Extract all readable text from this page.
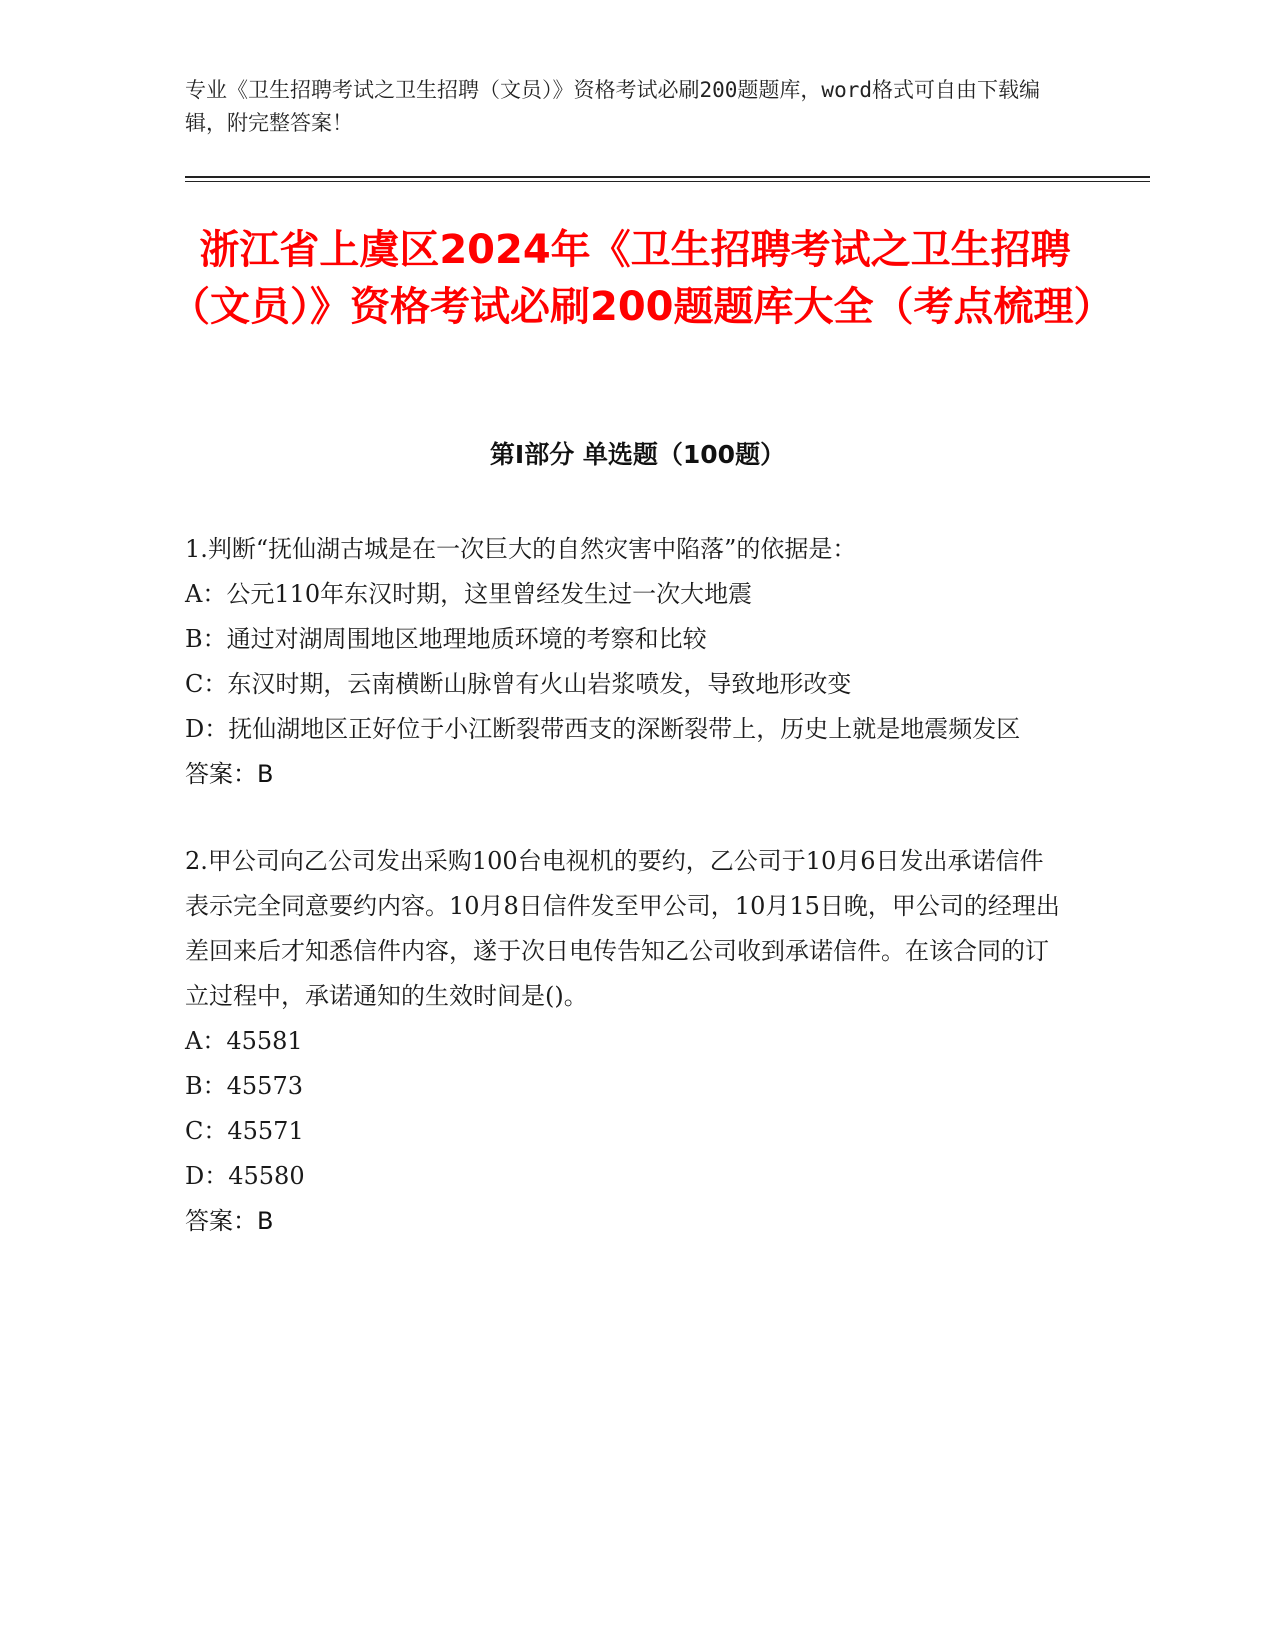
专业《卫生招聘考试之卫生招聘（文员）》资格考试必刷200题题库，word格式可自由下载编辑，附完整答案！
浙江省上虞区2024年《卫生招聘考试之卫生招聘（文员）》资格考试必刷200题题库大全（考点梳理）
第Ⅰ部分 单选题（100题）
1.判断“抚仙湖古城是在一次巨大的自然灾害中陷落”的依据是：
A：公元110年东汉时期，这里曾经发生过一次大地震
B：通过对湖周围地区地理地质环境的考察和比较
C：东汉时期，云南横断山脉曾有火山岩浆喷发，导致地形改变
D：抚仙湖地区正好位于小江断裂带西支的深断裂带上，历史上就是地震频发区
答案：B
2.甲公司向乙公司发出采购100台电视机的要约，乙公司于10月6日发出承诺信件表示完全同意要约内容。10月8日信件发至甲公司，10月15日晚，甲公司的经理出差回来后才知悉信件内容，遂于次日电传告知乙公司收到承诺信件。在该合同的订立过程中，承诺通知的生效时间是()。
A：45581
B：45573
C：45571
D：45580
答案：B
